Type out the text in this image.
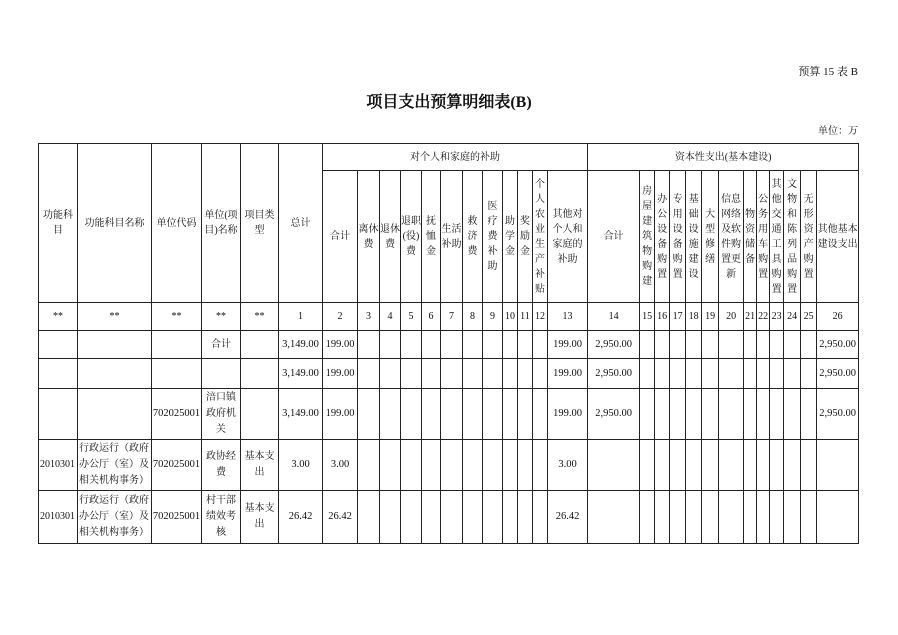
预算 15 表 B
项目支出预算明细表(B)
单位：万
功能科目	功能科目名称	单位代码	单位(项目)名称	项目类型	总计	对个人和家庭的补助												资本性支出(基本建设)												
						合计	离休费	退休费	退职(役)费	抚恤金	生活补助	救济费	医疗费补助	助学金	奖励金	个人农业生产补贴	其他对个人和家庭的补助	合计	房屋建筑物购建	办公设备购置	专用设备购置	基础设施建设	大型修缮	信息网络及软件购置更新	物资储备	公务用车购置	其他交通工具购置	文物和陈列品购置	无形资产购置	其他基本建设支出
**	**	**	**	**	1	2	3	4	5	6	7	8	9	10	11	12	13	14	15	16	17	18	19	20	21	22	23	24	25	26
			合计		3,149.00	199.00											199.00	2,950.00												2,950.00
					3,149.00	199.00											199.00	2,950.00												2,950.00
		702025001	涪口镇政府机关		3,149.00	199.00											199.00	2,950.00												2,950.00
2010301	行政运行（政府办公厅（室）及相关机构事务）	702025001	政协经费	基本支出	3.00	3.00											3.00													
2010301	行政运行（政府办公厅（室）及相关机构事务）	702025001	村干部绩效考核	基本支出	26.42	26.42											26.42													
